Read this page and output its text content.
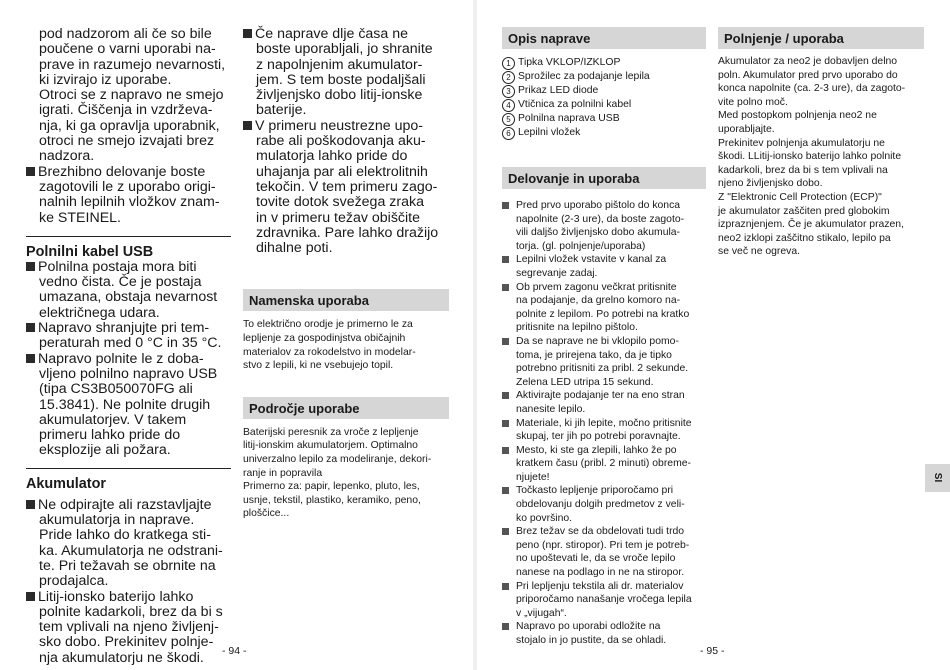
pod nadzorom ali če so bile

poučene o varni uporabi na-

prave in razumejo nevarnosti,

ki izvirajo iz uporabe.

Otroci se z napravo ne smejo

igrati. Čiščenja in vzdrževa-

nja, ki ga opravlja uporabnik,

otroci ne smejo izvajati brez

nadzora.

Brezhibno delovanje boste

zagotovili le z uporabo origi-

nalnih lepilnih vložkov znam-

ke STEINEL.

Polnilni kabel USB

Polnilna postaja mora biti

vedno čista. Če je postaja

umazana, obstaja nevarnost

električnega udara.

Napravo shranjujte pri tem-

peraturah med 0 °C in 35 °C.

Napravo polnite le z doba-

vljeno polnilno napravo USB

(tipa CS3B050070FG ali

15.3841). Ne polnite drugih

akumulatorjev. V takem

primeru lahko pride do

eksplozije ali požara.

Akumulator

Ne odpirajte ali razstavljajte

akumulatorja in naprave.

Pride lahko do kratkega sti-

ka. Akumulatorja ne odstrani-

te. Pri težavah se obrnite na

prodajalca.

Litij-ionsko baterijo lahko

polnite kadarkoli, brez da bi s

tem vplivali na njeno življenj-

sko dobo. Prekinitev polnje-

nja akumulatorju ne škodi.

Če naprave dlje časa ne

boste uporabljali, jo shranite

z napolnjenim akumulator-

jem. S tem boste podaljšali

življenjsko dobo litij-ionske

baterije.

V primeru neustrezne upo-

rabe ali poškodovanja aku-

mulatorja lahko pride do

uhajanja par ali elektrolitnih

tekočin. V tem primeru zago-

tovite dotok svežega zraka

in v primeru težav obiščite

zdravnika. Pare lahko dražijo

dihalne poti.

Namenska uporaba

To električno orodje je primerno le za

lepljenje za gospodinjstva običajnih

materialov za rokodelstvo in modelar-

stvo z lepili, ki ne vsebujejo topil.

Področje uporabe

Baterijski peresnik za vroče z lepljenje

litij-ionskim akumulatorjem. Optimalno

univerzalno lepilo za modeliranje, dekori-

ranje in popravila

Primerno za: papir, lepenko, pluto, les,

usnje, tekstil, plastiko, keramiko, peno,

ploščice...

- 94 -
Opis naprave

1 Tipka VKLOP/IZKLOP

2 Sprožilec za podajanje lepila

3 Prikaz LED diode

4 Vtičnica za polnilni kabel

5 Polnilna naprava USB

6 Lepilni vložek

Delovanje in uporaba

Pred prvo uporabo pištolo do konca

napolnite (2-3 ure), da boste zagoto-

vili daljšo življenjsko dobo akumula-

torja. (gl. polnjenje/uporaba)

Lepilni vložek vstavite v kanal za

segrevanje zadaj.

Ob prvem zagonu večkrat pritisnite

na podajanje, da grelno komoro na-

polnite z lepilom. Po potrebi na kratko

pritisnite na lepilno pištolo.

Da se naprave ne bi vklopilo pomo-

toma, je prirejena tako, da je tipko

potrebno pritisniti za pribl. 2 sekunde.

Zelena LED utripa 15 sekund.

Aktivirajte podajanje ter na eno stran

nanesite lepilo.

Materiale, ki jih lepite, močno pritisnite

skupaj, ter jih po potrebi poravnajte.

Mesto, ki ste ga zlepili, lahko že po

kratkem času (pribl. 2 minuti) obreme-

njujete!

Točkasto lepljenje priporočamo pri

obdelovanju dolgih predmetov z veli-

ko površino.

Brez težav se da obdelovati tudi trdo

peno (npr. stiropor). Pri tem je potreb-

no upoštevati le, da se vroče lepilo

nanese na podlago in ne na stiropor.

Pri lepljenju tekstila ali dr. materialov

priporočamo nanašanje vročega lepila

v „vijugah“.

Napravo po uporabi odložite na

stojalo in jo pustite, da se ohladi.

Polnjenje / uporaba

Akumulator za neo2 je dobavljen delno

poln. Akumulator pred prvo uporabo do

konca napolnite (ca. 2-3 ure), da zagoto-

vite polno moč.

Med postopkom polnjenja neo2 ne

uporabljajte.

Prekinitev polnjenja akumulatorju ne

škodi. LLitij-ionsko baterijo lahko polnite

kadarkoli, brez da bi s tem vplivali na

njeno življenjsko dobo.

Z "Elektronic Cell Protection (ECP)"

je akumulator zaščiten pred globokim

izpraznjenjem. Če je akumulator prazen,

neo2 izklopi zaščitno stikalo, lepilo pa

se več ne ogreva.

SI
- 95 -
